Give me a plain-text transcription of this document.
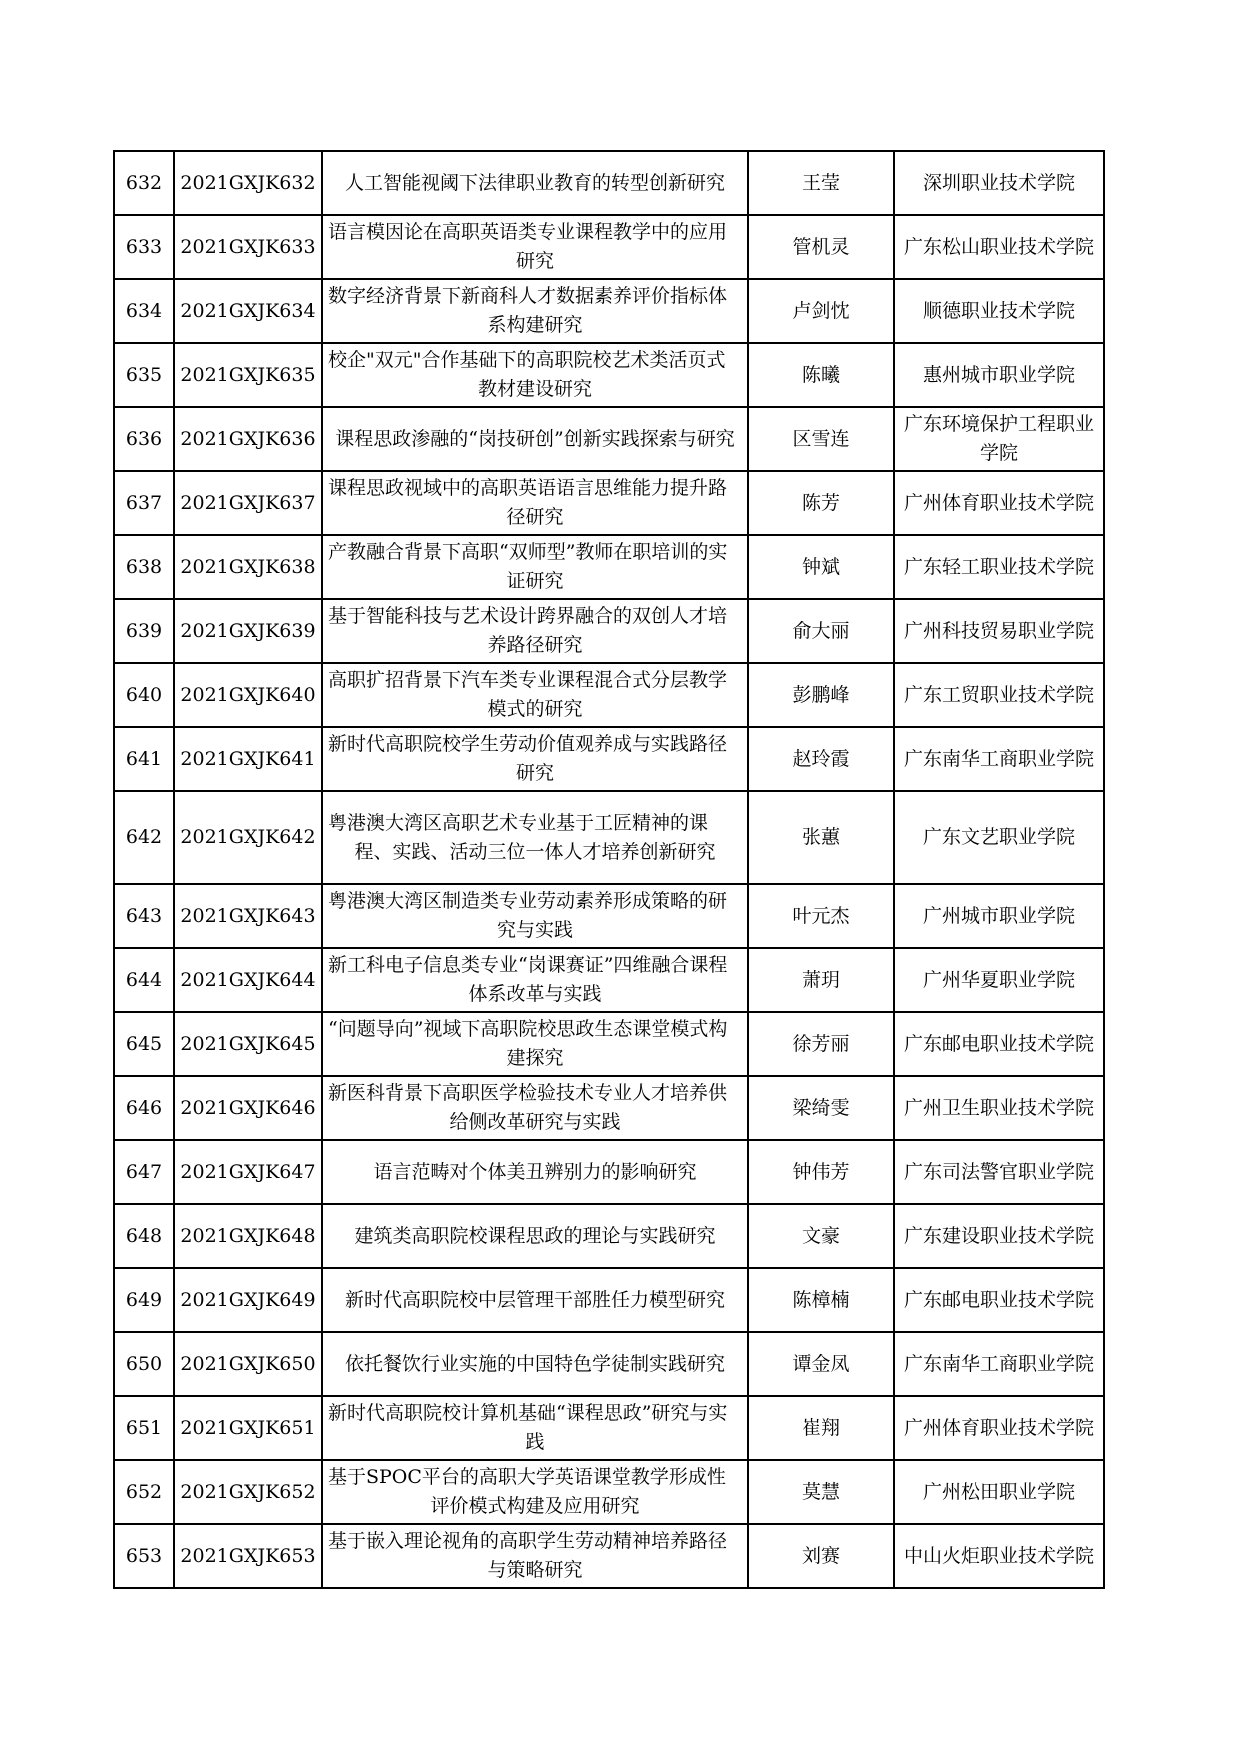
632	2021GXJK632	人工智能视阈下法律职业教育的转型创新研究	王莹	深圳职业技术学院
633	2021GXJK633	语言模因论在高职英语类专业课程教学中的应用研究	管机灵	广东松山职业技术学院
634	2021GXJK634	数字经济背景下新商科人才数据素养评价指标体系构建研究	卢剑忱	顺德职业技术学院
635	2021GXJK635	校企"双元"合作基础下的高职院校艺术类活页式教材建设研究	陈曦	惠州城市职业学院
636	2021GXJK636	课程思政渗融的“岗技研创”创新实践探索与研究	区雪连	广东环境保护工程职业学院
637	2021GXJK637	课程思政视域中的高职英语语言思维能力提升路径研究	陈芳	广州体育职业技术学院
638	2021GXJK638	产教融合背景下高职“双师型”教师在职培训的实证研究	钟斌	广东轻工职业技术学院
639	2021GXJK639	基于智能科技与艺术设计跨界融合的双创人才培养路径研究	俞大丽	广州科技贸易职业学院
640	2021GXJK640	高职扩招背景下汽车类专业课程混合式分层教学模式的研究	彭鹏峰	广东工贸职业技术学院
641	2021GXJK641	新时代高职院校学生劳动价值观养成与实践路径研究	赵玲霞	广东南华工商职业学院
642	2021GXJK642	粤港澳大湾区高职艺术专业基于工匠精神的课程、实践、活动三位一体人才培养创新研究	张蕙	广东文艺职业学院
643	2021GXJK643	粤港澳大湾区制造类专业劳动素养形成策略的研究与实践	叶元杰	广州城市职业学院
644	2021GXJK644	新工科电子信息类专业“岗课赛证”四维融合课程体系改革与实践	萧玥	广州华夏职业学院
645	2021GXJK645	“问题导向”视域下高职院校思政生态课堂模式构建探究	徐芳丽	广东邮电职业技术学院
646	2021GXJK646	新医科背景下高职医学检验技术专业人才培养供给侧改革研究与实践	梁绮雯	广州卫生职业技术学院
647	2021GXJK647	语言范畴对个体美丑辨别力的影响研究	钟伟芳	广东司法警官职业学院
648	2021GXJK648	建筑类高职院校课程思政的理论与实践研究	文豪	广东建设职业技术学院
649	2021GXJK649	新时代高职院校中层管理干部胜任力模型研究	陈樟楠	广东邮电职业技术学院
650	2021GXJK650	依托餐饮行业实施的中国特色学徒制实践研究	谭金凤	广东南华工商职业学院
651	2021GXJK651	新时代高职院校计算机基础“课程思政”研究与实践	崔翔	广州体育职业技术学院
652	2021GXJK652	基于SPOC平台的高职大学英语课堂教学形成性评价模式构建及应用研究	莫慧	广州松田职业学院
653	2021GXJK653	基于嵌入理论视角的高职学生劳动精神培养路径与策略研究	刘赛	中山火炬职业技术学院
